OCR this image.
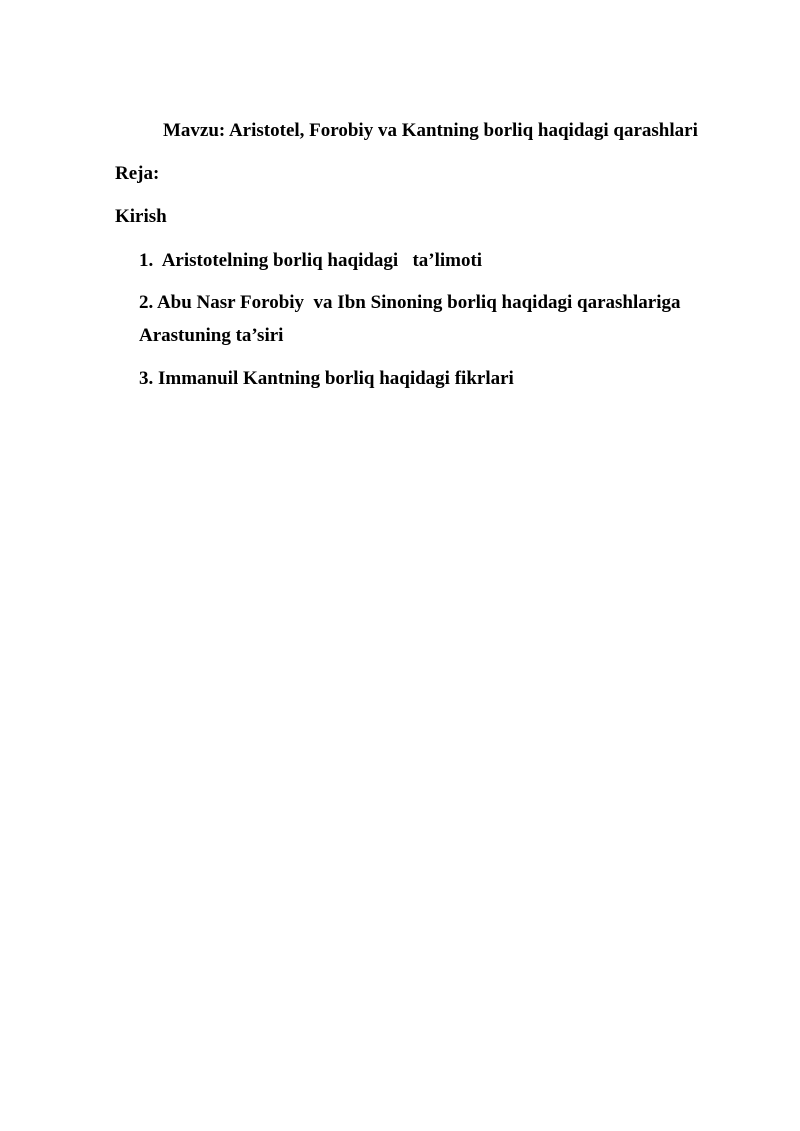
Mavzu: Aristotel, Forobiy va Kantning borliq haqidagi qarashlari

Reja:

Kirish

1.  Aristotelning borliq haqidagi   ta’limoti

2. Abu Nasr Forobiy  va Ibn Sinoning borliq haqidagi qarashlariga

Arastuning ta’siri

3. Immanuil Kantning borliq haqidagi fikrlari
